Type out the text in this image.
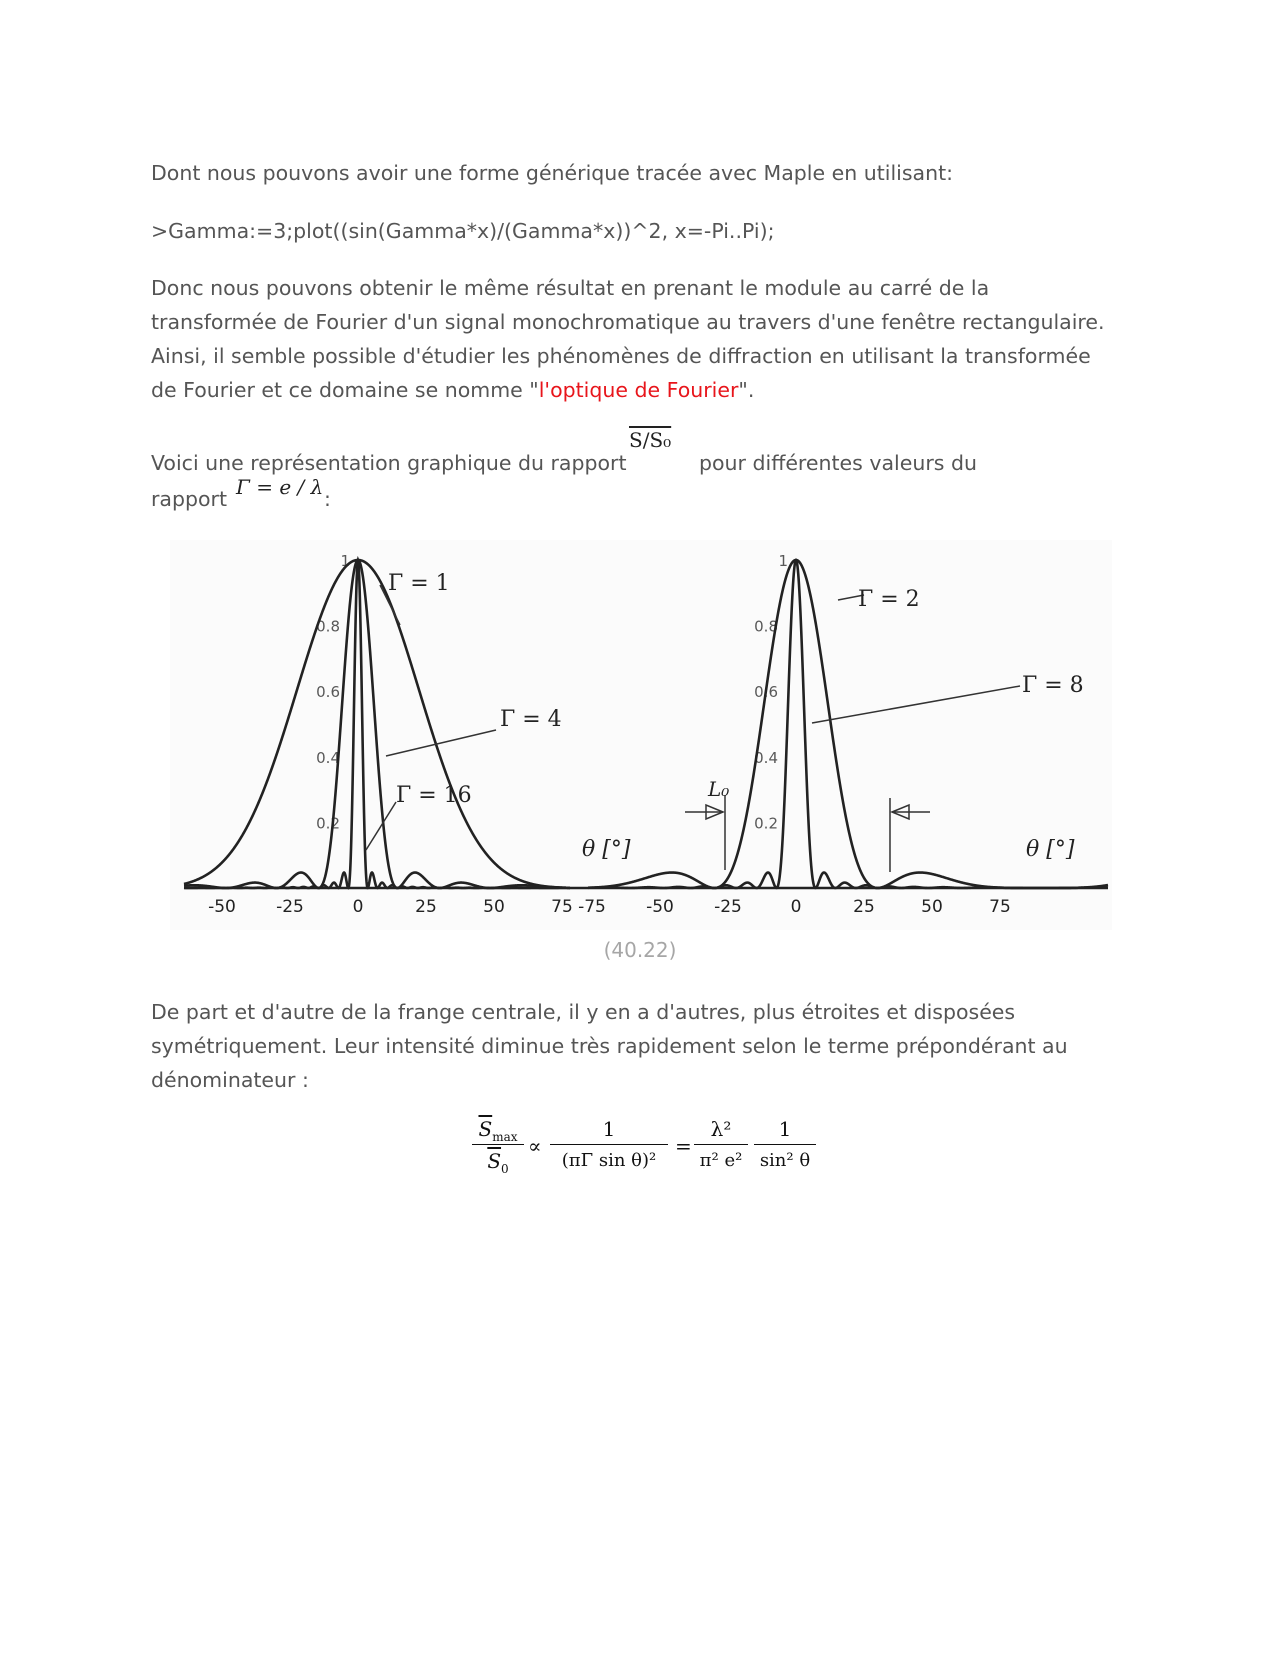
Dont nous pouvons avoir une forme générique tracée avec Maple en utilisant:

>Gamma:=3;plot((sin(Gamma*x)/(Gamma*x))^2, x=-Pi..Pi);

Donc nous pouvons obtenir le même résultat en prenant le module au carré de la transformée de Fourier d'un signal monochromatique au travers d'une fenêtre rectangulaire. Ainsi, il semble possible d'étudier les phénomènes de diffraction en utilisant la transformée de Fourier et ce domaine se nomme "l'optique de Fourier".

Voici une représentation graphique du rapport
S/S₀
pour différentes valeurs du
rapport Γ = e / λ :
-50 -25	0	25	50	75 -75 -50 -25	0	25	50	75
1
0.8
0.6
0.4
0.2
1
0.8
0.6
0.4
0.2
Γ = 1
Γ = 4
Γ = 16
Γ = 2
Γ = 8
θ [°]	θ [°]
L₀
(40.22)

De part et d'autre de la frange centrale, il y en a d'autres, plus étroites et disposées symétriquement. Leur intensité diminue très rapidement selon le terme prépondérant au dénominateur :

$\overline{S}_{max}$
$\overline{S}_0$
∝ $\frac{1}{\text{(πΓ sin θ)²}} = \frac{\text{λ²}}{\text{π² e²}} \frac{1}{\text{sin² θ}}$
